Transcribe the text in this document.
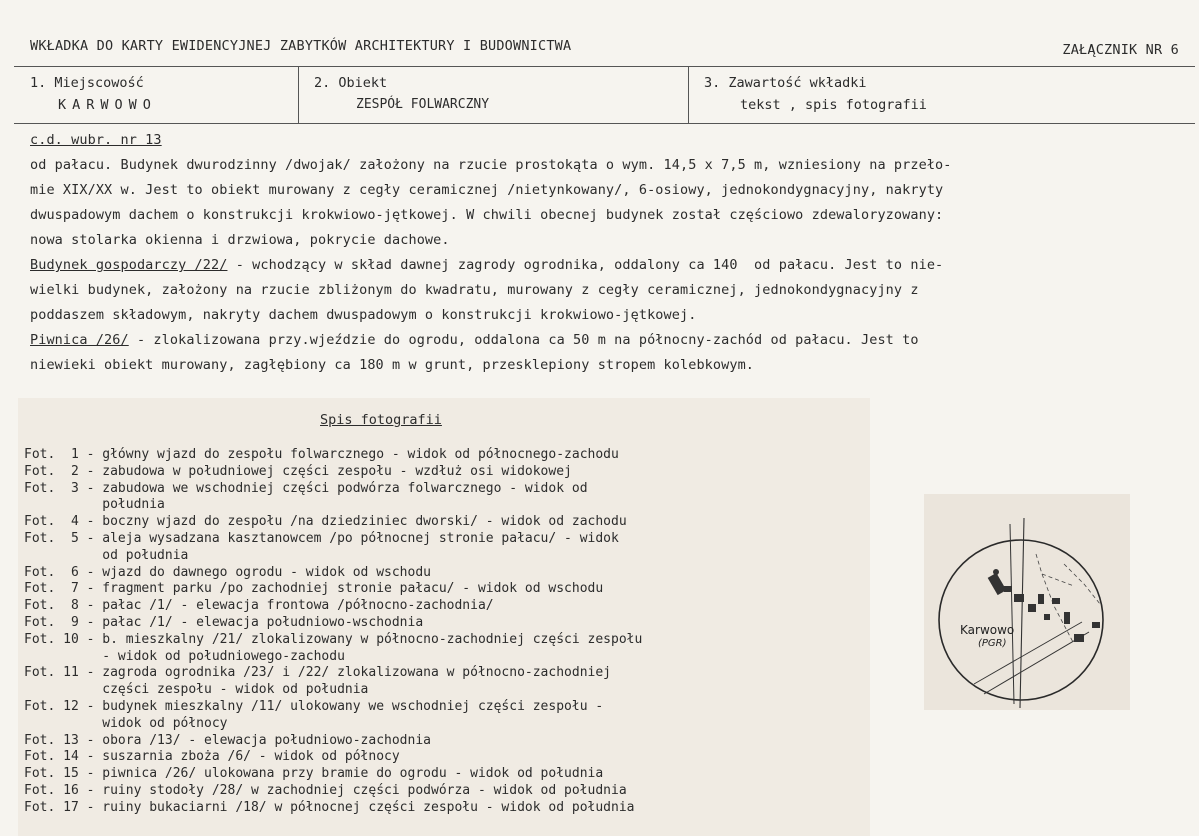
WKŁADKA DO KARTY EWIDENCYJNEJ ZABYTKÓW ARCHITEKTURY I BUDOWNICTWA	ZAŁĄCZNIK NR 6
1. Miejscowość
KARWOWO
2. Obiekt
ZESPÓŁ FOLWARCZNY
3. Zawartość wkładki
tekst , spis fotografii
c.d. wubr. nr 13
od pałacu. Budynek dwurodzinny /dwojak/ założony na rzucie prostokąta o wym. 14,5 x 7,5 m, wzniesiony na przeło-
mie XIX/XX w. Jest to obiekt murowany z cegły ceramicznej /nietynkowany/, 6-osiowy, jednokondygnacyjny, nakryty
dwuspadowym dachem o konstrukcji krokwiowo-jętkowej. W chwili obecnej budynek został częściowo zdewaloryzowany:
nowa stolarka okienna i drzwiowa, pokrycie dachowe.
Budynek gospodarczy /22/ - wchodzący w skład dawnej zagrody ogrodnika, oddalony ca 140  od pałacu. Jest to nie-
wielki budynek, założony na rzucie zbliżonym do kwadratu, murowany z cegły ceramicznej, jednokondygnacyjny z
poddaszem składowym, nakryty dachem dwuspadowym o konstrukcji krokwiowo-jętkowej.
Piwnica /26/ - zlokalizowana przy.wjeździe do ogrodu, oddalona ca 50 m na północny-zachód od pałacu. Jest to
niewieki obiekt murowany, zagłębiony ca 180 m w grunt, przesklepiony stropem kolebkowym.
Spis fotografii
Fot.  1 - główny wjazd do zespołu folwarcznego - widok od północnego-zachodu
Fot.  2 - zabudowa w południowej części zespołu - wzdłuż osi widokowej
Fot.  3 - zabudowa we wschodniej części podwórza folwarcznego - widok od
południa
Fot.  4 - boczny wjazd do zespołu /na dziedziniec dworski/ - widok od zachodu
Fot.  5 - aleja wysadzana kasztanowcem /po północnej stronie pałacu/ - widok
od południa
Fot.  6 - wjazd do dawnego ogrodu - widok od wschodu
Fot.  7 - fragment parku /po zachodniej stronie pałacu/ - widok od wschodu
Fot.  8 - pałac /1/ - elewacja frontowa /północno-zachodnia/
Fot.  9 - pałac /1/ - elewacja południowo-wschodnia
Fot. 10 - b. mieszkalny /21/ zlokalizowany w północno-zachodniej części zespołu
- widok od południowego-zachodu
Fot. 11 - zagroda ogrodnika /23/ i /22/ zlokalizowana w północno-zachodniej
części zespołu - widok od południa
Fot. 12 - budynek mieszkalny /11/ ulokowany we wschodniej części zespołu -
widok od północy
Fot. 13 - obora /13/ - elewacja południowo-zachodnia
Fot. 14 - suszarnia zboża /6/ - widok od północy
Fot. 15 - piwnica /26/ ulokowana przy bramie do ogrodu - widok od południa
Fot. 16 - ruiny stodoły /28/ w zachodniej części podwórza - widok od południa
Fot. 17 - ruiny bukaciarni /18/ w północnej części zespołu - widok od południa
Karwowo
(PGR)
